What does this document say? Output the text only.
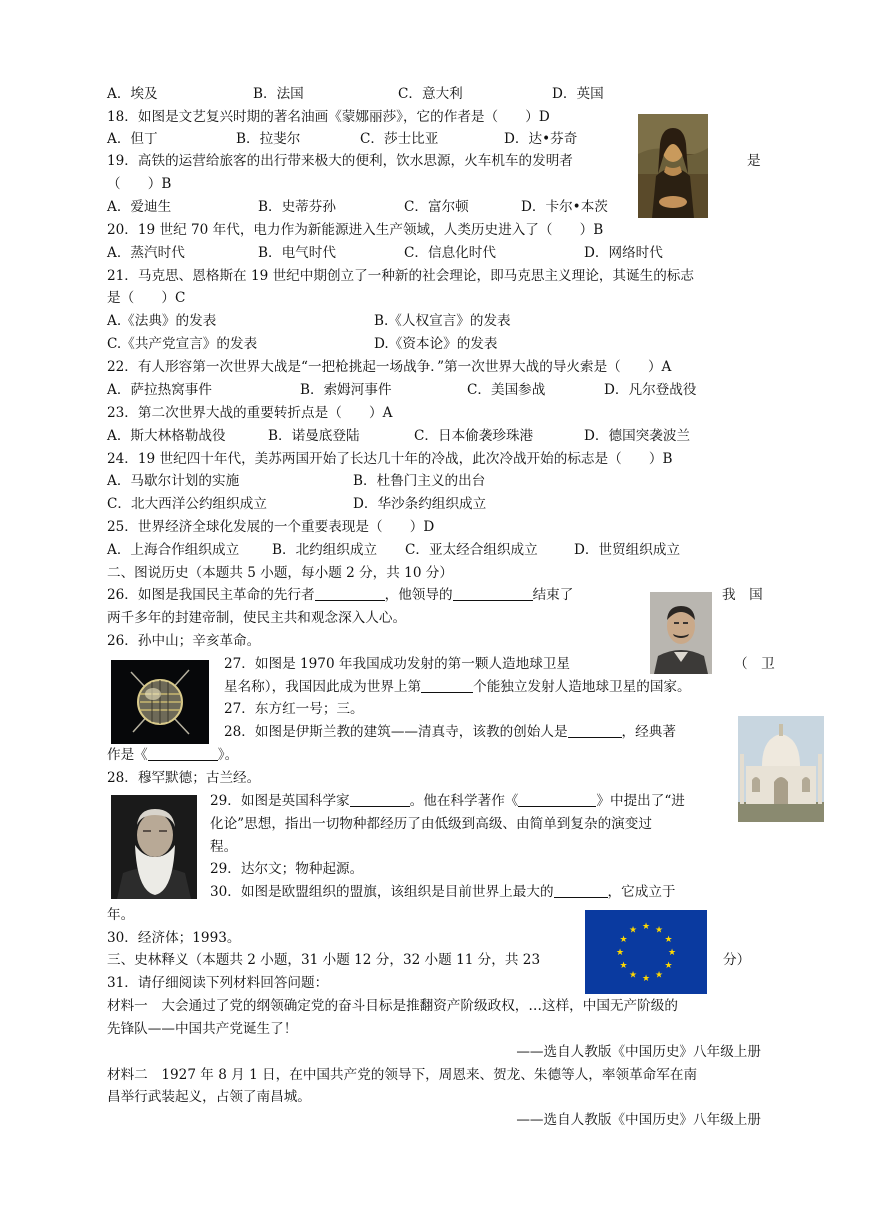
A．埃及	B．法国	C．意大利	D．英国
18．如图是文艺复兴时期的著名油画《蒙娜丽莎》，它的作者是（　　）D
A．但丁	B．拉斐尔	C．莎士比亚	D．达•芬奇
19．高铁的运营给旅客的出行带来极大的便利，饮水思源，火车机车的发明者	是
（　　）B
A．爱迪生	B．史蒂芬孙	C．富尔顿	D．卡尔•本茨
20．19 世纪 70 年代，电力作为新能源进入生产领域，人类历史进入了（　　）B
A．蒸汽时代	B．电气时代	C．信息化时代	D．网络时代
21．马克思、恩格斯在 19 世纪中期创立了一种新的社会理论，即马克思主义理论，其诞生的标志
是（　　）C
A.《法典》的发表	B.《人权宣言》的发表
C.《共产党宣言》的发表	D.《资本论》的发表
22．有人形容第一次世界大战是“一把枪挑起一场战争．”第一次世界大战的导火索是（　　）A
A．萨拉热窝事件	B．索姆河事件	C．美国参战	D．凡尔登战役
23．第二次世界大战的重要转折点是（　　）A
A．斯大林格勒战役	B．诺曼底登陆	C．日本偷袭珍珠港	D．德国突袭波兰
24．19 世纪四十年代，美苏两国开始了长达几十年的冷战，此次冷战开始的标志是（　　）B
A．马歇尔计划的实施	B．杜鲁门主义的出台
C．北大西洋公约组织成立	D．华沙条约组织成立
25．世界经济全球化发展的一个重要表现是（　　）D
A．上海合作组织成立 B．北约组织成立 C．亚太经合组织成立	D．世贸组织成立
二、图说历史（本题共 5 小题，每小题 2 分，共 10 分）
26．如图是我国民主革命的先行者	，他领导的	结束了	我　国
两千多年的封建帝制，使民主共和观念深入人心。
26．孙中山；辛亥革命。
27．如图是 1970 年我国成功发射的第一颗人造地球卫星	（　卫
星名称），我国因此成为世界上第	个能独立发射人造地球卫星的国家。
27．东方红一号；三。
28．如图是伊斯兰教的建筑——清真寺，该教的创始人是	，经典著
作是《	》。
28．穆罕默德；古兰经。
29．如图是英国科学家	。他在科学著作《	》中提出了“进
化论”思想，指出一切物种都经历了由低级到高级、由简单到复杂的演变过
程。
29．达尔文；物种起源。
30．如图是欧盟组织的盟旗，该组织是目前世界上最大的	，它成立于
年。
30．经济体；1993。
★ ★
★
★
★
★
★
★
★
★
★
★
三、史林释义（本题共 2 小题，31 小题 12 分，32 小题 11 分，共 23	分）
31．请仔细阅读下列材料回答问题：
材料一　大会通过了党的纲领确定党的奋斗目标是推翻资产阶级政权，…这样，中国无产阶级的
先锋队——中国共产党诞生了！
——选自人教版《中国历史》八年级上册
材料二　1927 年 8 月 1 日，在中国共产党的领导下，周恩来、贺龙、朱德等人，率领革命军在南
昌举行武装起义，占领了南昌城。
——选自人教版《中国历史》八年级上册
